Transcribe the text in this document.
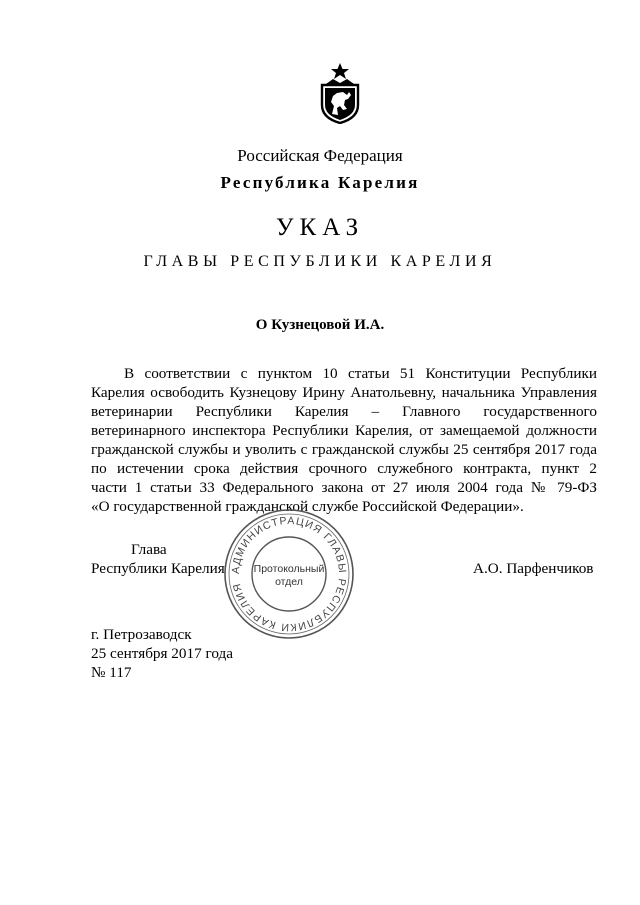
Российская Федерация
Республика Карелия
УКАЗ
ГЛАВЫ РЕСПУБЛИКИ КАРЕЛИЯ
О Кузнецовой И.А.
В соответствии с пунктом 10 статьи 51 Конституции Республики
Карелия освободить Кузнецову Ирину Анатольевну, начальника Управления
ветеринарии Республики Карелия – Главного государственного
ветеринарного инспектора Республики Карелия, от замещаемой должности
гражданской службы и уволить с гражданской службы 25 сентября 2017 года
по истечении срока действия срочного служебного контракта, пункт 2
части 1 статьи 33 Федерального закона от 27 июля 2004 года № 79-ФЗ
«О государственной гражданской службе Российской Федерации».
Глава
Республики Карелия	А.О. Парфенчиков
АДМИНИСТРАЦИЯ ГЛАВЫ РЕСПУБЛИКИ КАРЕЛИЯ
Протокольный
отдел
г. Петрозаводск
25 сентября 2017 года
№ 117
